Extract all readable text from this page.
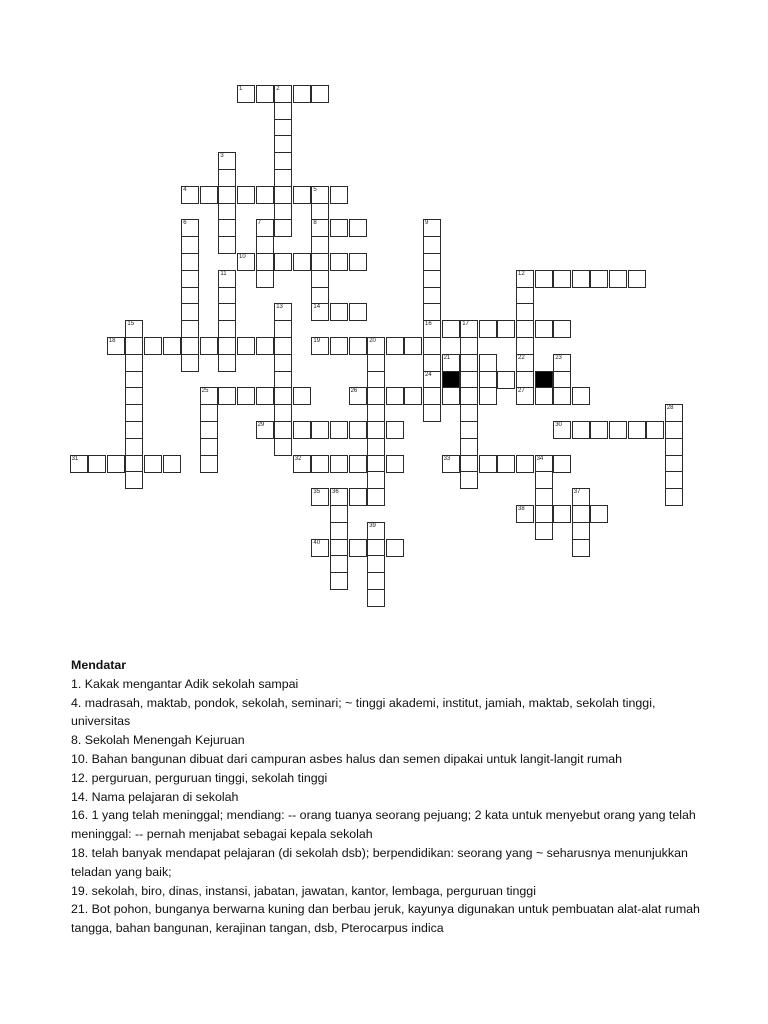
1	2
3
4	5
8
6	7	9
16
24
10
11	12
22
27
13	14
15	17
18	19	20
21	23
25	26
28
29	30
31	32	33	34
35 36	37
38
39
40
Mendatar
1. Kakak mengantar Adik sekolah sampai
4. madrasah, maktab, pondok, sekolah, seminari; ~ tinggi akademi, institut, jamiah, maktab, sekolah tinggi, universitas
8. Sekolah Menengah Kejuruan
10. Bahan bangunan dibuat dari campuran asbes halus dan semen dipakai untuk langit-langit rumah
12. perguruan, perguruan tinggi, sekolah tinggi
14. Nama pelajaran di sekolah
16. 1 yang telah meninggal; mendiang: -- orang tuanya seorang pejuang; 2 kata untuk menyebut orang yang telah meninggal: -- pernah menjabat sebagai kepala sekolah
18. telah banyak mendapat pelajaran (di sekolah dsb); berpendidikan: seorang yang ~ seharusnya menunjukkan teladan yang baik;
19. sekolah, biro, dinas, instansi, jabatan, jawatan, kantor, lembaga, perguruan tinggi
21. Bot pohon, bunganya berwarna kuning dan berbau jeruk, kayunya digunakan untuk pembuatan alat-alat rumah tangga, bahan bangunan, kerajinan tangan, dsb, Pterocarpus indica
